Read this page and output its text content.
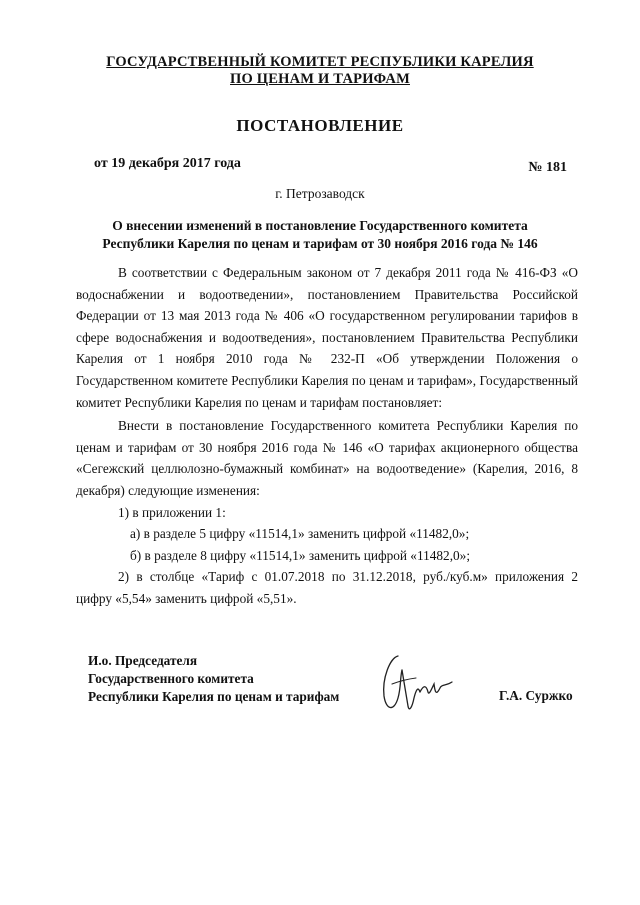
ГОСУДАРСТВЕННЫЙ КОМИТЕТ РЕСПУБЛИКИ КАРЕЛИЯ
ПО ЦЕНАМ И ТАРИФАМ
ПОСТАНОВЛЕНИЕ
от 19 декабря 2017 года	№ 181
г. Петрозаводск
О внесении изменений в постановление Государственного комитета
Республики Карелия по ценам и тарифам от 30 ноября 2016 года № 146

В соответствии с Федеральным законом от 7 декабря 2011 года № 416-ФЗ «О водоснабжении и водоотведении», постановлением Правительства Российской Федерации от 13 мая 2013 года № 406 «О государственном регулировании тарифов в сфере водоснабжения и водоотведения», постановлением Правительства Республики Карелия от 1 ноября 2010 года № 232-П «Об утверждении Положения о Государственном комитете Республики Карелия по ценам и тарифам», Государственный комитет Республики Карелия по ценам и тарифам постановляет:

Внести в постановление Государственного комитета Республики Карелия по ценам и тарифам от 30 ноября 2016 года № 146 «О тарифах акционерного общества «Сегежский целлюлозно-бумажный комбинат» на водоотведение» (Карелия, 2016, 8 декабря) следующие изменения:

1) в приложении 1:

а) в разделе 5 цифру «11514,1» заменить цифрой «11482,0»;

б) в разделе 8 цифру «11514,1» заменить цифрой «11482,0»;

2) в столбце «Тариф с 01.07.2018 по 31.12.2018, руб./куб.м» приложения 2 цифру «5,54» заменить цифрой «5,51».

И.о. Председателя
Государственного комитета
Республики Карелия по ценам и тарифам	Г.А. Суржко
